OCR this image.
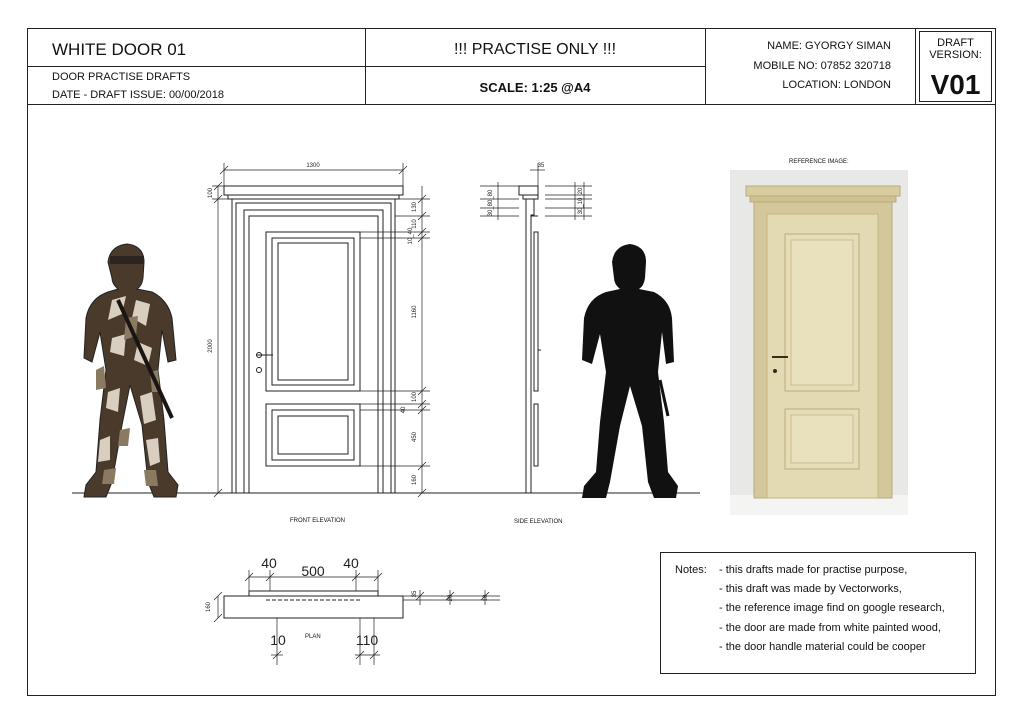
WHITE DOOR 01
DOOR PRACTISE DRAFTS
DATE - DRAFT ISSUE: 00/00/2018
!!! PRACTISE ONLY !!!
SCALE: 1:25 @A4
NAME: GYORGY SIMAN
MOBILE NO: 07852 320718
LOCATION: LONDON
DRAFT VERSION:
V01
1300
2000
100
130
110
10_40
1160
100
40
450
160
35
20
30_10
30_80_80
160
35
20	10
40 500 40
10	110
FRONT ELEVATION	SIDE ELEVATION
PLAN
REFERENCE IMAGE:
Notes: - this drafts made for practise purpose,
- this draft was made by Vectorworks,
- the reference image find on google research,
- the door are made from white painted wood,
- the door handle material could be cooper
